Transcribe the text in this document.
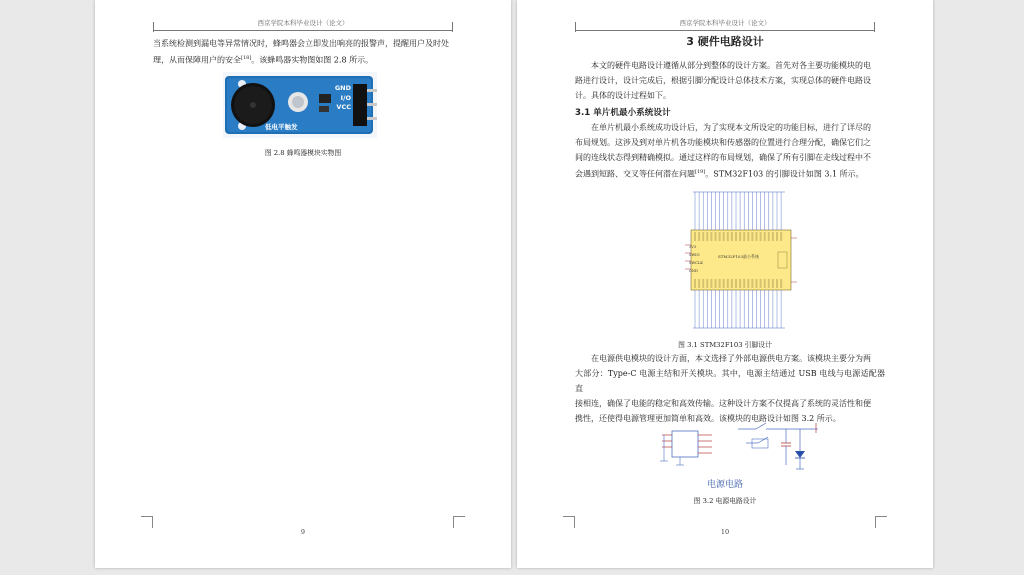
西京学院本科毕业设计（论文）
当系统检测到漏电等异常情况时，蜂鸣器会立即发出响亮的报警声，提醒用户及时处
理，从而保障用户的安全[18]。该蜂鸣器实物图如图 2.8 所示。
GND
I/O
VCC
低电平触发
图 2.8 蜂鸣器模块实物图
9
西京学院本科毕业设计（论文）
3 硬件电路设计
本文的硬件电路设计遵循从部分到整体的设计方案。首先对各主要功能模块的电
路进行设计，设计完成后，根据引脚分配设计总体技术方案，实现总体的硬件电路设
计。具体的设计过程如下。
3.1 单片机最小系统设计
在单片机最小系统成功设计后，为了实现本文所设定的功能目标，进行了详尽的
布局规划。这涉及到对单片机各功能模块和传感器的位置进行合理分配，确保它们之
间的连线状态得到精确模拟。通过这样的布局规划，确保了所有引脚在走线过程中不
会遇到短路、交叉等任何潜在问题[19]。STM32F103 的引脚设计如图 3.1 所示。
STM32F103最小系统
3V3
SWIO
SWCLK
GND
图 3.1 STM32F103 引脚设计
在电源供电模块的设计方面，本文选择了外部电源供电方案。该模块主要分为两
大部分：Type-C 电源主结和开关模块。其中，电源主结通过 USB 电线与电源适配器直
接相连，确保了电能的稳定和高效传输。这种设计方案不仅提高了系统的灵活性和便
携性，还使得电源管理更加简单和高效。该模块的电路设计如图 3.2 所示。
电源电路
图 3.2 电源电路设计
10
